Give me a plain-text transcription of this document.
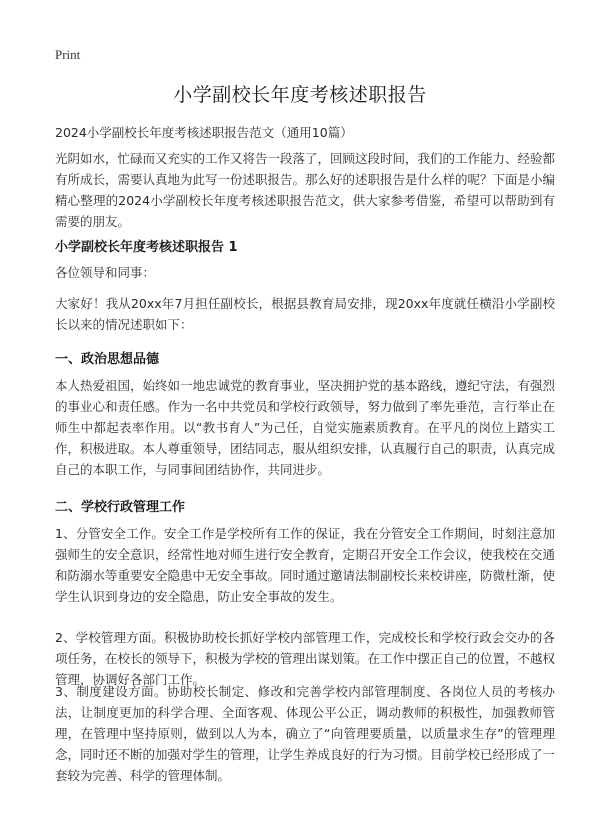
Print
小学副校长年度考核述职报告
2024小学副校长年度考核述职报告范文（通用10篇）
光阴如水，忙碌而又充实的工作又将告一段落了，回顾这段时间，我们的工作能力、经验都有所成长，需要认真地为此写一份述职报告。那么好的述职报告是什么样的呢？下面是小编精心整理的2024小学副校长年度考核述职报告范文，供大家参考借鉴，希望可以帮助到有需要的朋友。
小学副校长年度考核述职报告 1
各位领导和同事：
大家好！我从20xx年7月担任副校长，根据县教育局安排，现20xx年度就任横沿小学副校长以来的情况述职如下：
一、政治思想品德
本人热爱祖国，始终如一地忠诚党的教育事业，坚决拥护党的基本路线，遵纪守法，有强烈的事业心和责任感。作为一名中共党员和学校行政领导，努力做到了率先垂范，言行举止在师生中都起表率作用。以“教书育人”为己任，自觉实施素质教育。在平凡的岗位上踏实工作，积极进取。本人尊重领导，团结同志，服从组织安排，认真履行自己的职责，认真完成自己的本职工作，与同事间团结协作，共同进步。
二、学校行政管理工作
1、分管安全工作。安全工作是学校所有工作的保证，我在分管安全工作期间，时刻注意加强师生的安全意识，经常性地对师生进行安全教育，定期召开安全工作会议，使我校在交通和防溺水等重要安全隐患中无安全事故。同时通过邀请法制副校长来校讲座，防微杜渐，使学生认识到身边的安全隐患，防止安全事故的发生。
2、学校管理方面。积极协助校长抓好学校内部管理工作，完成校长和学校行政会交办的各项任务，在校长的领导下，积极为学校的管理出谋划策。在工作中摆正自己的位置，不越权管理，协调好各部门工作。
3、制度建设方面。协助校长制定、修改和完善学校内部管理制度、各岗位人员的考核办法，让制度更加的科学合理、全面客观、体现公平公正，调动教师的积极性，加强教师管理，在管理中坚持原则，做到以人为本，确立了“向管理要质量，以质量求生存”的管理理念，同时还不断的加强对学生的管理，让学生养成良好的行为习惯。目前学校已经形成了一套较为完善、科学的管理体制。
